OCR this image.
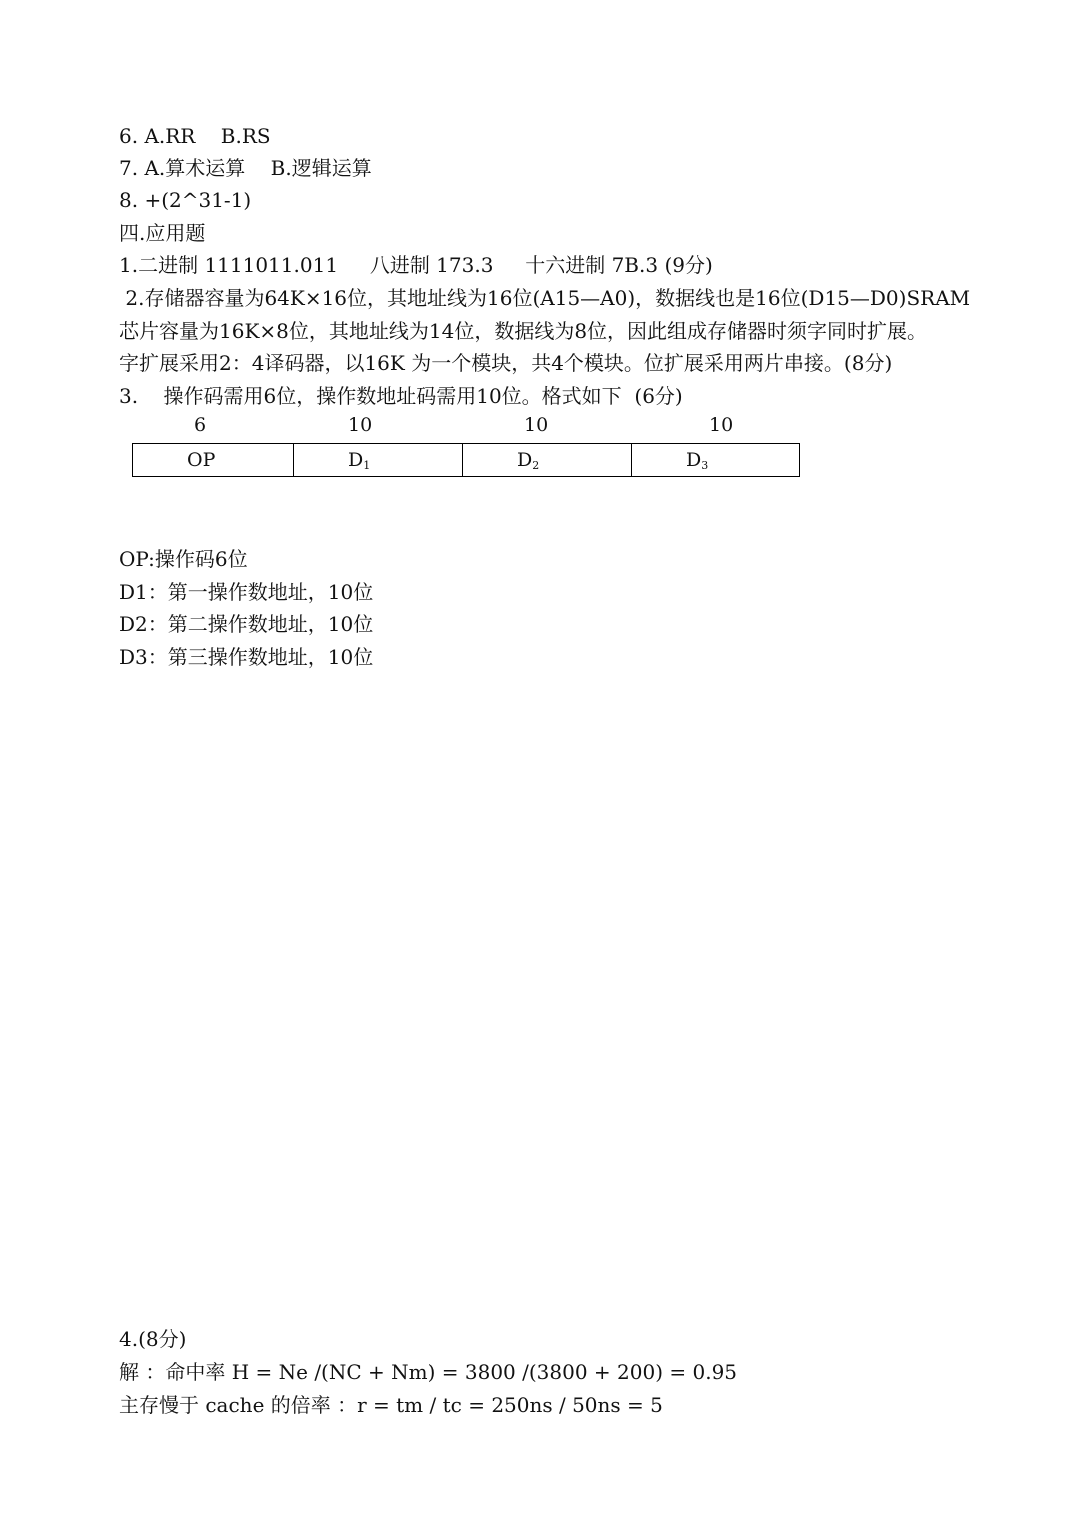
6. A.RR    B.RS
7. A.算术运算    B.逻辑运算
8. +(2^31-1)
四.应用题
1.二进制 1111011.011     八进制 173.3     十六进制 7B.3 (9分)
2.存储器容量为64K×16位，其地址线为16位(A15—A0)，数据线也是16位(D15—D0)SRAM
芯片容量为16K×8位，其地址线为14位，数据线为8位，因此组成存储器时须字同时扩展。
字扩展采用2：4译码器，以16K 为一个模块，共4个模块。位扩展采用两片串接。(8分)
3.    操作码需用6位，操作数地址码需用10位。格式如下  (6分)
6	10	10	10
OP	$D_1$	$D_2$	$D_3$
OP:操作码6位
D1：第一操作数地址，10位
D2：第二操作数地址，10位
D3：第三操作数地址，10位
4.(8分)
解 ：命中率 H = Ne /(NC + Nm) = 3800 /(3800 + 200) = 0.95
主存慢于 cache 的倍率 ：r = tm / tc = 250ns / 50ns = 5
